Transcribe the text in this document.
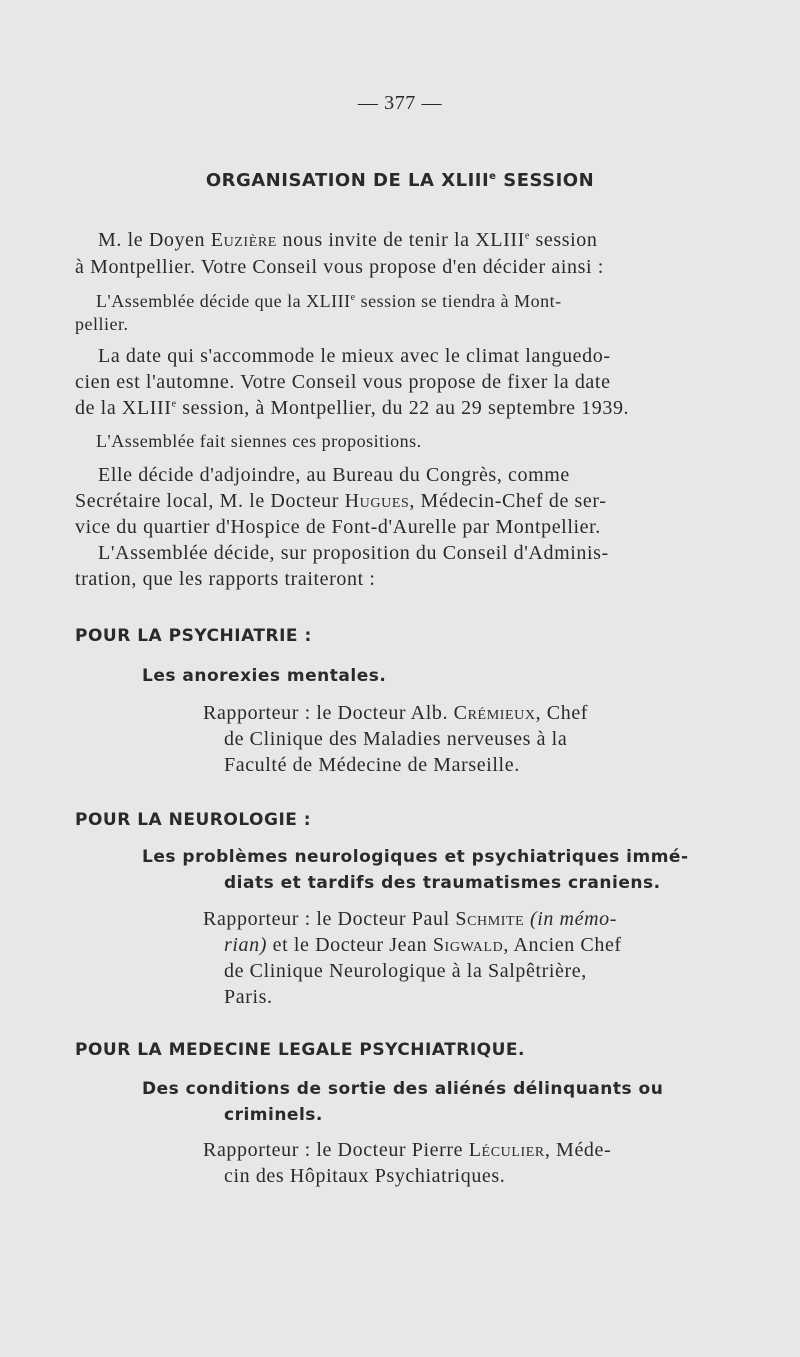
— 377 —
ORGANISATION DE LA XLIIIe SESSION
M. le Doyen Euzière nous invite de tenir la XLIIIe session
à Montpellier. Votre Conseil vous propose d'en décider ainsi :
L'Assemblée décide que la XLIIIe session se tiendra à Mont-
pellier.
La date qui s'accommode le mieux avec le climat languedo-
cien est l'automne. Votre Conseil vous propose de fixer la date
de la XLIIIe session, à Montpellier, du 22 au 29 septembre 1939.
L'Assemblée fait siennes ces propositions.
Elle décide d'adjoindre, au Bureau du Congrès, comme
Secrétaire local, M. le Docteur Hugues, Médecin-Chef de ser-
vice du quartier d'Hospice de Font-d'Aurelle par Montpellier.
L'Assemblée décide, sur proposition du Conseil d'Adminis-
tration, que les rapports traiteront :
POUR LA PSYCHIATRIE :
Les anorexies mentales.
Rapporteur : le Docteur Alb. Crémieux, Chef
de Clinique des Maladies nerveuses à la
Faculté de Médecine de Marseille.
POUR LA NEUROLOGIE :
Les problèmes neurologiques et psychiatriques immé-
diats et tardifs des traumatismes craniens.
Rapporteur : le Docteur Paul Schmite (in mémo-
rian) et le Docteur Jean Sigwald, Ancien Chef
de Clinique Neurologique à la Salpêtrière,
Paris.
POUR LA MEDECINE LEGALE PSYCHIATRIQUE.
Des conditions de sortie des aliénés délinquants ou
criminels.
Rapporteur : le Docteur Pierre Léculier, Méde-
cin des Hôpitaux Psychiatriques.
